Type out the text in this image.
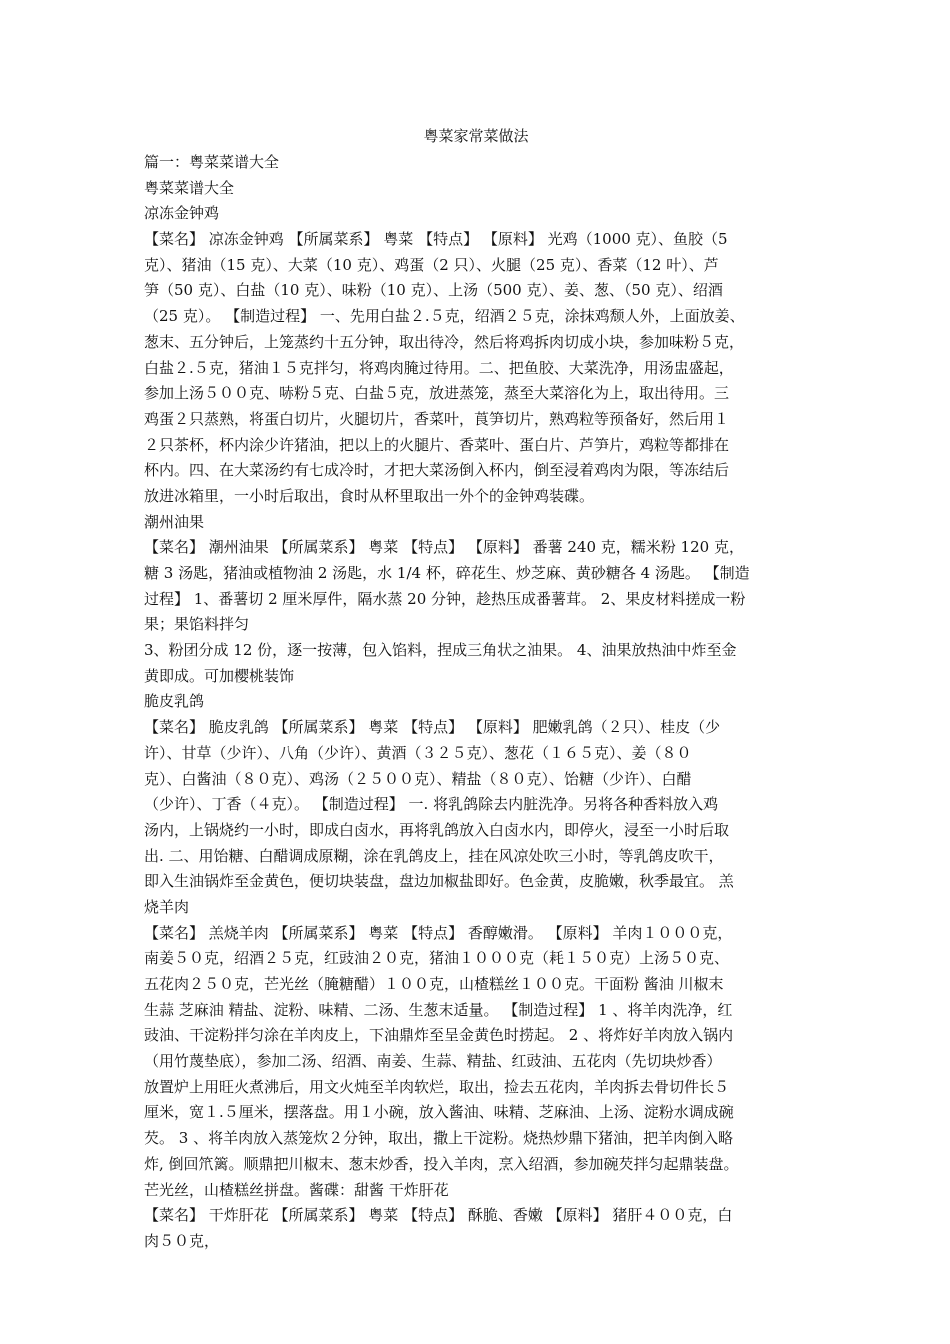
粤菜家常菜做法
篇一：粤菜菜谱大全
粤菜菜谱大全
凉冻金钟鸡
【菜名】 凉冻金钟鸡 【所属菜系】 粤菜 【特点】 【原料】 光鸡（1000 克）、鱼胶（5
克）、猪油（15 克）、大菜（10 克）、鸡蛋（2 只）、火腿（25 克）、香菜（12 叶）、芦
笋（50 克）、白盐（10 克）、味粉（10 克）、上汤（500 克）、姜、葱、（50 克）、绍酒
（25 克）。 【制造过程】 一、先用白盐２.５克，绍酒２５克，涂抹鸡颓人外，上面放姜、
葱末、五分钟后，上笼蒸约十五分钟，取出待冷，然后将鸡拆肉切成小块，参加味粉５克，
白盐２.５克，猪油１５克拌匀，将鸡肉腌过待用。二、把鱼胶、大菜洗净，用汤盅盛起，
参加上汤５００克、哧粉５克、白盐５克，放进蒸笼，蒸至大菜溶化为上，取出待用。三
鸡蛋２只蒸熟，将蛋白切片，火腿切片，香菜叶，莨笋切片，熟鸡粒等预备好，然后用１
２只茶杯，杯内涂少许猪油，把以上的火腿片、香菜叶、蛋白片、芦笋片，鸡粒等都排在
杯内。四、在大菜汤约有七成冷时，才把大菜汤倒入杯内，倒至浸着鸡肉为限，等冻结后
放进冰箱里，一小时后取出，食时从杯里取出一外个的金钟鸡装碟。
潮州油果
【菜名】 潮州油果 【所属菜系】 粤菜 【特点】 【原料】 番薯 240 克，糯米粉 120 克，
糖 3 汤匙，猪油或植物油 2 汤匙，水 1/4 杯，碎花生、炒芝麻、黄砂糖各 4 汤匙。 【制造
过程】 1、番薯切 2 厘米厚件，隔水蒸 20 分钟，趁热压成番薯茸。 2、果皮材料搓成一粉
果；果馅料拌匀
3、粉团分成 12 份，逐一按薄，包入馅料，捏成三角状之油果。 4、油果放热油中炸至金
黄即成。可加樱桃装饰
脆皮乳鸽
【菜名】 脆皮乳鸽 【所属菜系】 粤菜 【特点】 【原料】 肥嫩乳鸽（２只）、桂皮（少
许）、甘草（少许）、八角（少许）、黄酒（３２５克）、葱花（１６５克）、姜（８０
克）、白酱油（８０克）、鸡汤（２５００克）、精盐（８０克）、饴糖（少许）、白醋
（少许）、丁香（４克）。 【制造过程】 一. 将乳鸽除去内脏洗净。另将各种香料放入鸡
汤内，上锅烧约一小时，即成白卤水，再将乳鸽放入白卤水内，即停火，浸至一小时后取
出. 二、用饴糖、白醋调成原糊，涂在乳鸽皮上，挂在风凉处吹三小时，等乳鸽皮吹干，
即入生油锅炸至金黄色，便切块装盘，盘边加椒盐即好。色金黄，皮脆嫩，秋季最宜。 羔
烧羊肉
【菜名】 羔烧羊肉 【所属菜系】 粤菜 【特点】 香醇嫩滑。 【原料】 羊肉１０００克，
南姜５０克，绍酒２５克，红豉油２０克，猪油１０００克（耗１５０克）上汤５０克、
五花肉２５０克，芒光丝（腌糖醋）１００克，山楂糕丝１００克。干面粉 酱油 川椒末
生蒜 芝麻油 精盐、淀粉、味精、二汤、生葱末适量。 【制造过程】 1 、将羊肉洗净，红
豉油、干淀粉拌匀涂在羊肉皮上，下油鼎炸至呈金黄色时捞起。 2 、将炸好羊肉放入锅内
（用竹蔑垫底），参加二汤、绍酒、南姜、生蒜、精盐、红豉油、五花肉（先切块炒香）
放置炉上用旺火煮沸后，用文火炖至羊肉软烂，取出，捡去五花肉，羊肉拆去骨切件长５
厘米，宽１.５厘米，摆落盘。用１小碗，放入酱油、味精、芝麻油、上汤、淀粉水调成碗
芡。 3 、将羊肉放入蒸笼炊２分钟，取出，撒上干淀粉。烧热炒鼎下猪油，把羊肉倒入略
炸, 倒回笊篱。顺鼎把川椒末、葱末炒香，投入羊肉，烹入绍酒，参加碗芡拌匀起鼎装盘。
芒光丝，山楂糕丝拼盘。酱碟：甜酱 干炸肝花
【菜名】 干炸肝花 【所属菜系】 粤菜 【特点】 酥脆、香嫩 【原料】 猪肝４００克，白
肉５０克，
